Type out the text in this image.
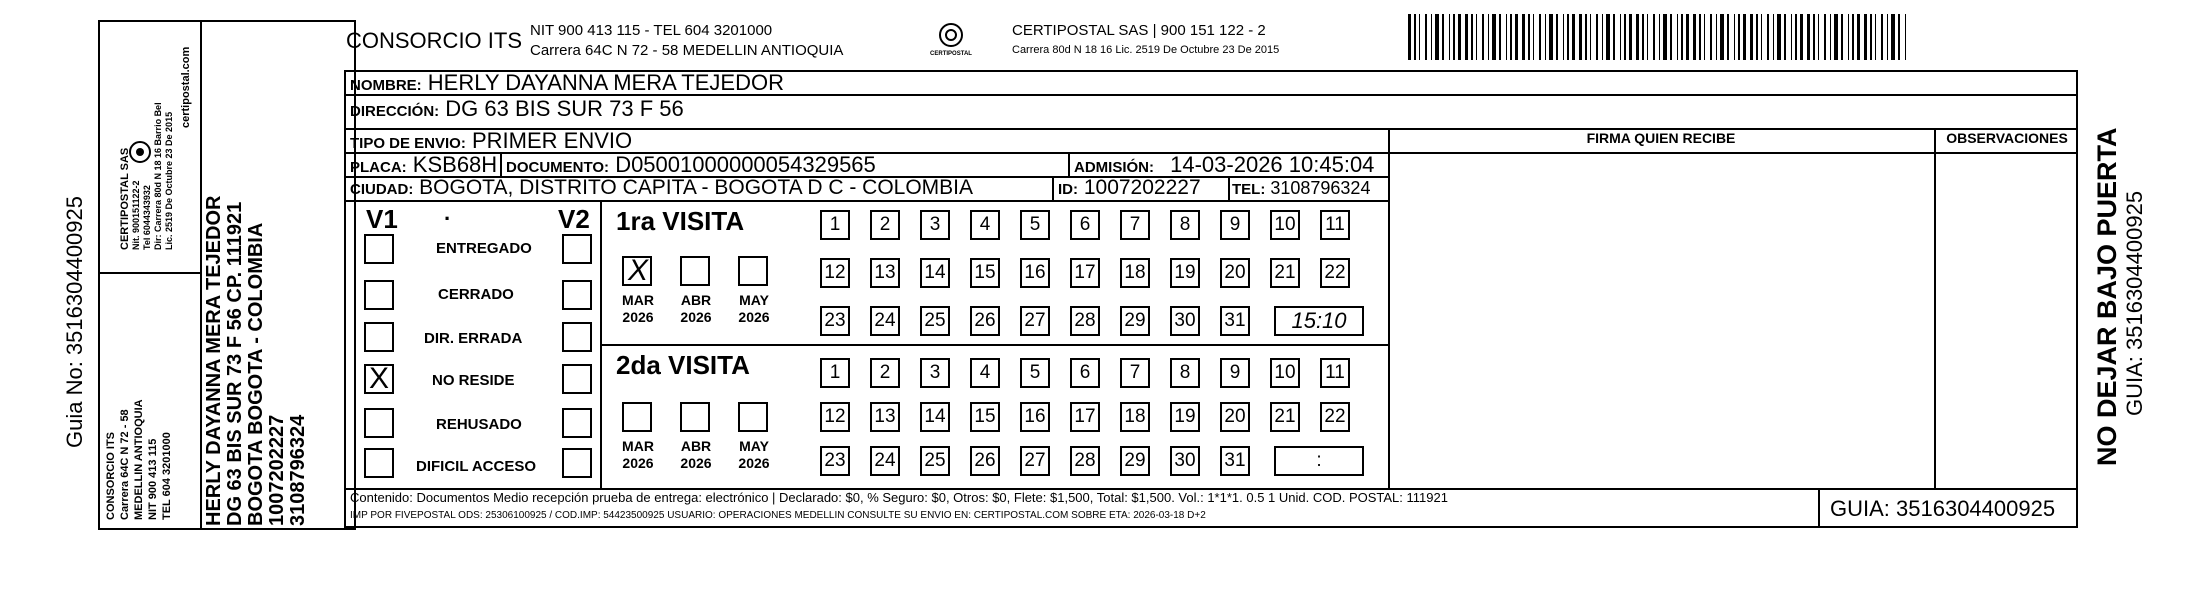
Guia No: 3516304400925
CONSORCIO ITS Carrera 64C N 72 - 58 MEDELLIN ANTIOQUIA NIT 900 413 115 TEL 604 3201000
CERTIPOSTAL SAS Nit. 900151122-2 Tel 6044343932 Dir: Carrera 80d N 18 16 Barrio Bel Lic. 2519 De Octubre 23 De 2015
certipostal.com
HERLY DAYANNA MERA TEJEDOR DG 63 BIS SUR 73 F 56 CP. 111921 BOGOTA BOGOTA - COLOMBIA 1007202227 3108796324
CONSORCIO ITS NIT 900 413 115 - TEL 604 3201000
Carrera 64C N 72 - 58 MEDELLIN ANTIOQUIA	CERTIPOSTAL
CERTIPOSTAL SAS | 900 151 122 - 2
Carrera 80d N 18 16 Lic. 2519 De Octubre 23 De 2015
NOMBRE: HERLY DAYANNA MERA TEJEDOR
DIRECCIÓN: DG 63 BIS SUR 73 F 56
TIPO DE ENVIO: PRIMER ENVIO
PLACA: KSB68H DOCUMENTO: D05001000000054329565	ADMISIÓN: 14-03-2026 10:45:04
CIUDAD: BOGOTA, DISTRITO CAPITA - BOGOTA D C - COLOMBIA	ID: 1007202227 TEL: 3108796324
FIRMA QUIEN RECIBE	OBSERVACIONES
V1 ·	V2
ENTREGADO
CERRADO
DIR. ERRADA
X	NO RESIDE
REHUSADO
DIFICIL ACCESO
1ra VISITA
X
MAR
2026
ABR
2026
MAY
2026
1	2	3	4	5	6	7	8	9	10 11
12 13 14 15 16 17 18 19 20 21 22
23 24 25 26 27 28 29 30 31	15:10
2da VISITA
MAR
2026
ABR
2026
MAY
2026
1	2	3	4	5	6	7	8	9	10 11
12 13 14 15 16 17 18 19 20 21 22
23 24 25 26 27 28 29 30 31	:
Contenido: Documentos Medio recepción prueba de entrega: electrónico | Declarado: $0, % Seguro: $0, Otros: $0, Flete: $1,500, Total: $1,500. Vol.: 1*1*1. 0.5 1 Unid. COD. POSTAL: 111921
IMP POR FIVEPOSTAL ODS: 25306100925 / COD.IMP: 54423500925 USUARIO: OPERACIONES MEDELLIN CONSULTE SU ENVIO EN: CERTIPOSTAL.COM SOBRE ETA: 2026-03-18 D+2	GUIA: 3516304400925
NO DEJAR BAJO PUERTA GUIA: 3516304400925
